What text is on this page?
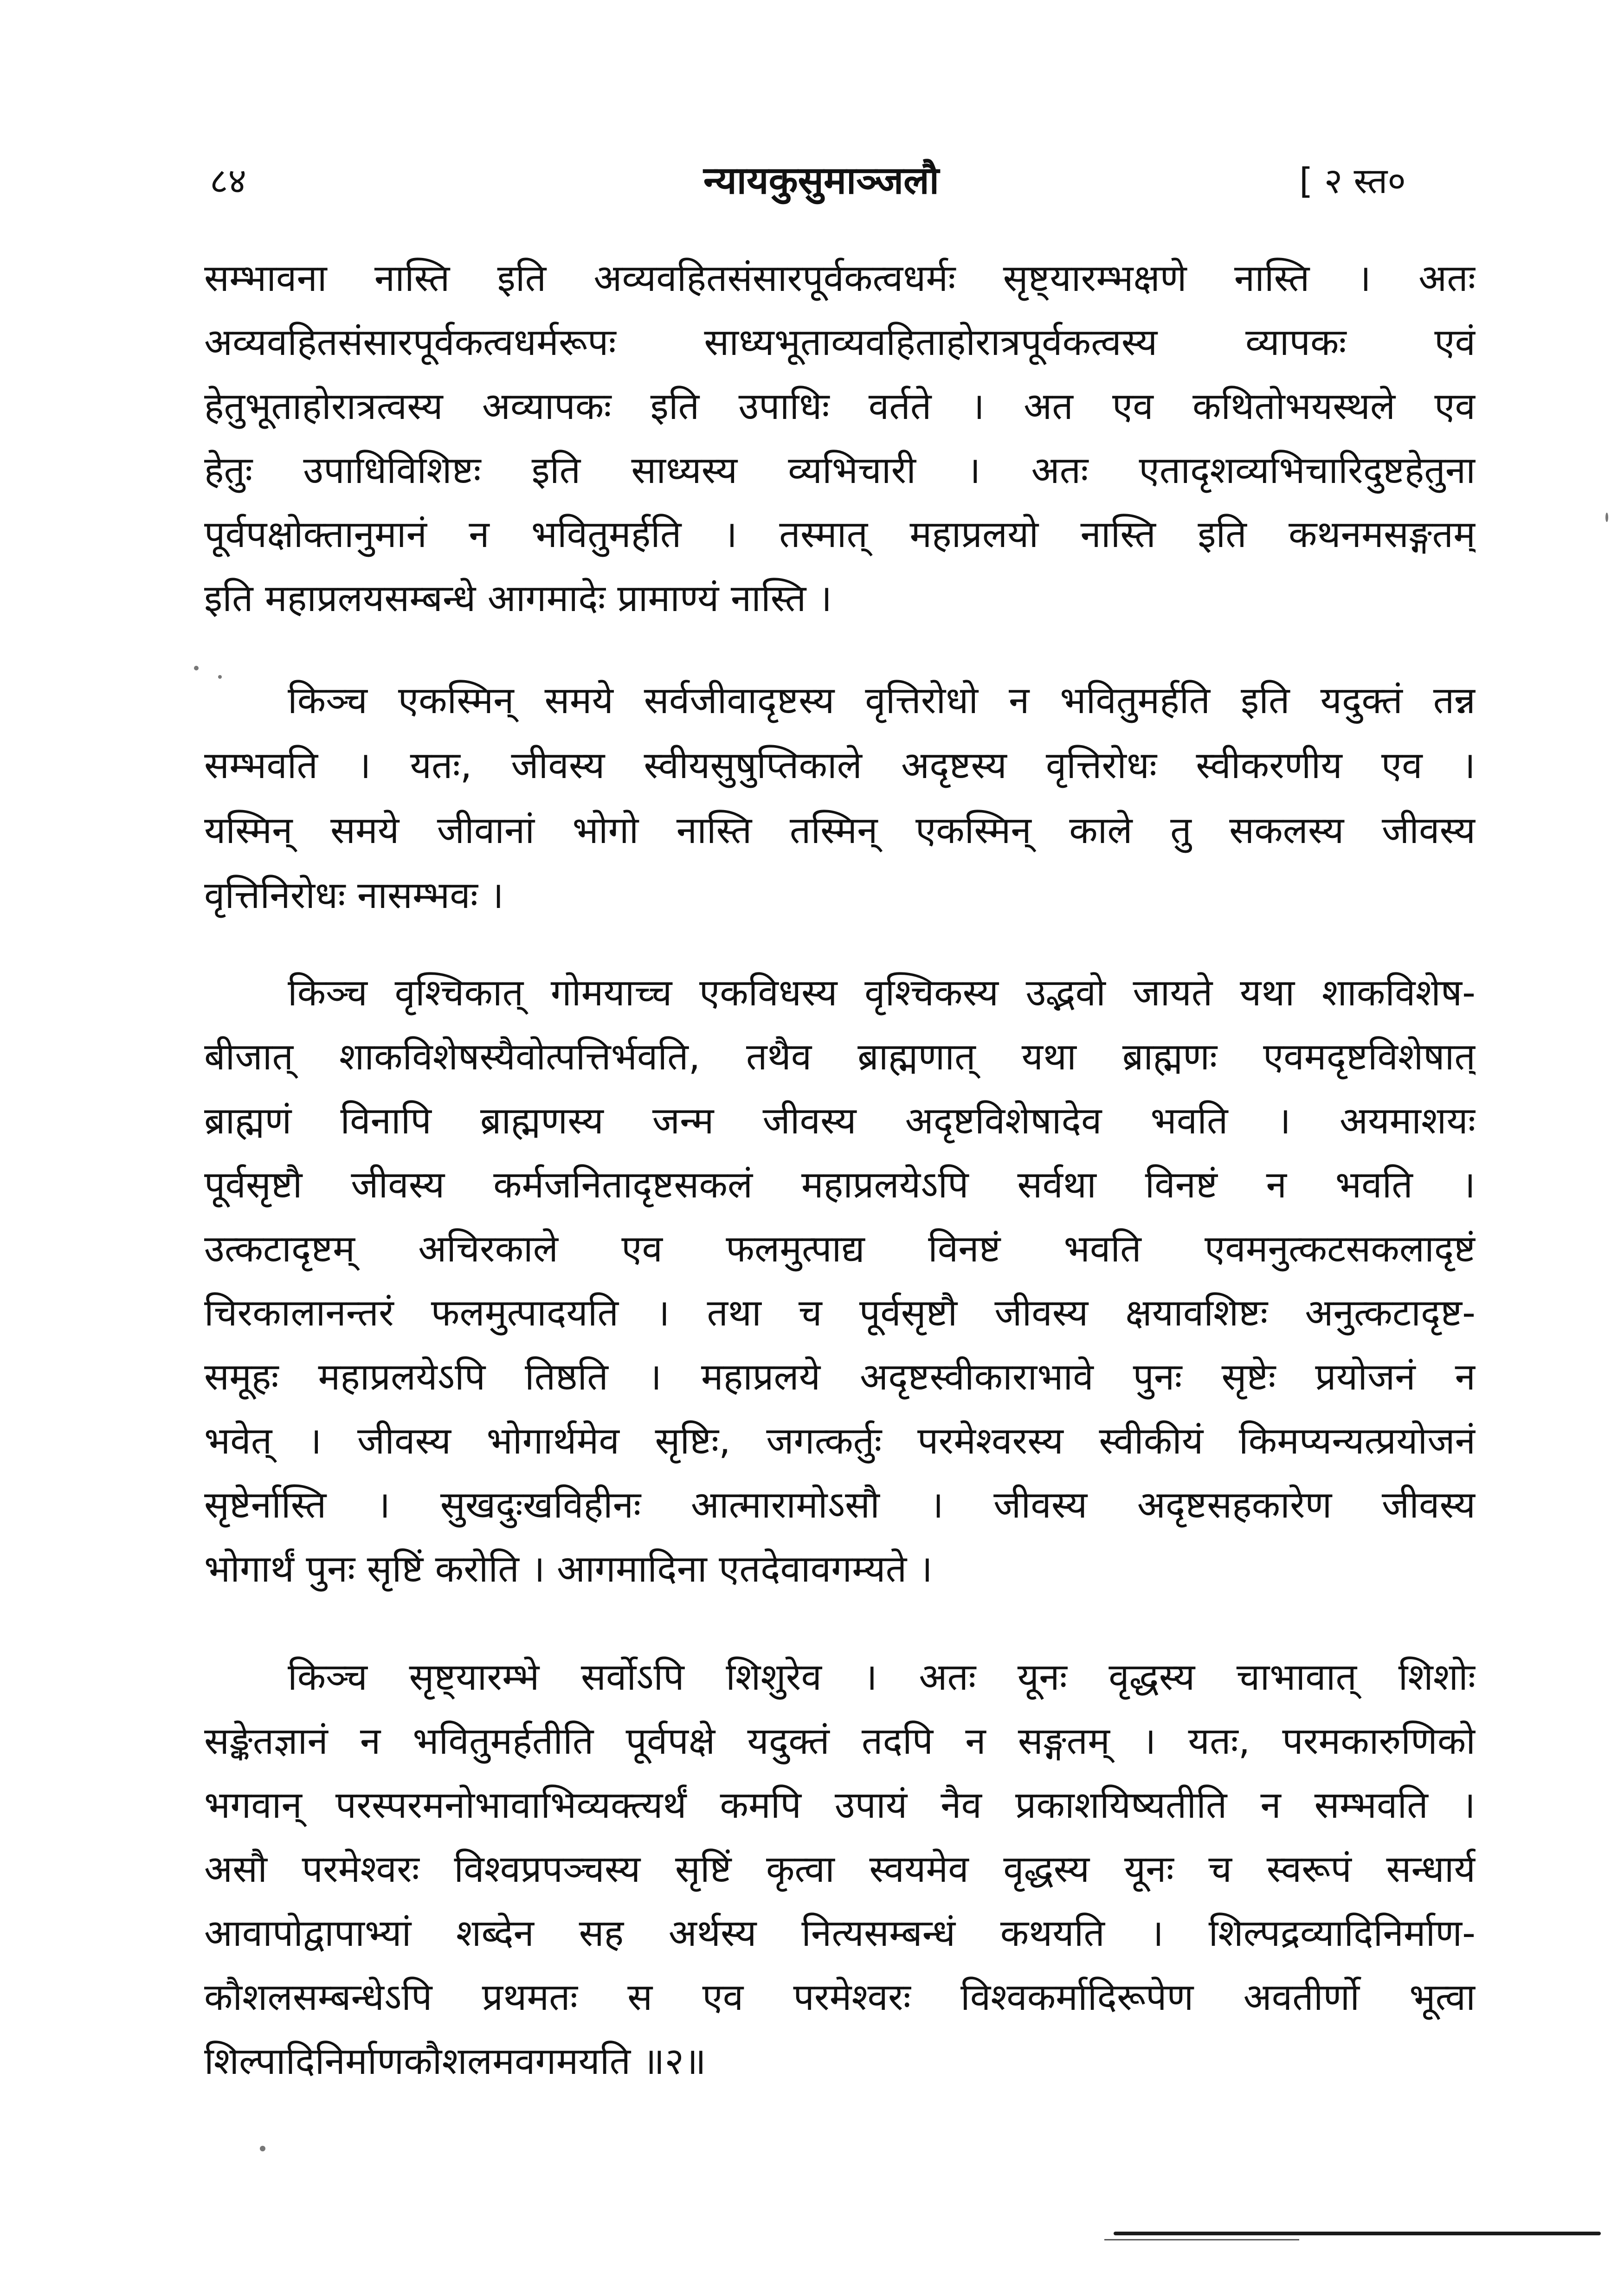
८४	न्यायकुसुमाञ्जलौ	[ २ स्त०
सम्भावना नास्ति इति अव्यवहितसंसारपूर्वकत्वधर्मः सृष्ट्यारम्भक्षणे नास्ति । अतः
अव्यवहितसंसारपूर्वकत्वधर्मरूपः साध्यभूताव्यवहिताहोरात्रपूर्वकत्वस्य व्यापकः एवं
हेतुभूताहोरात्रत्वस्य अव्यापकः इति उपाधिः वर्तते । अत एव कथितोभयस्थले एव
हेतुः उपाधिविशिष्टः इति साध्यस्य व्यभिचारी । अतः एतादृशव्यभिचारिदुष्टहेतुना
पूर्वपक्षोक्तानुमानं न भवितुमर्हति । तस्मात् महाप्रलयो नास्ति इति कथनमसङ्गतम्
इति महाप्रलयसम्बन्धे आगमादेः प्रामाण्यं नास्ति ।
किञ्च एकस्मिन् समये सर्वजीवादृष्टस्य वृत्तिरोधो न भवितुमर्हति इति यदुक्तं तन्न
सम्भवति । यतः, जीवस्य स्वीयसुषुप्तिकाले अदृष्टस्य वृत्तिरोधः स्वीकरणीय एव ।
यस्मिन् समये जीवानां भोगो नास्ति तस्मिन् एकस्मिन् काले तु सकलस्य जीवस्य
वृत्तिनिरोधः नासम्भवः ।
किञ्च वृश्चिकात् गोमयाच्च एकविधस्य वृश्चिकस्य उद्भवो जायते यथा शाकविशेष-
बीजात् शाकविशेषस्यैवोत्पत्तिर्भवति, तथैव ब्राह्मणात् यथा ब्राह्मणः एवमदृष्टविशेषात्
ब्राह्मणं विनापि ब्राह्मणस्य जन्म जीवस्य अदृष्टविशेषादेव भवति । अयमाशयः
पूर्वसृष्टौ जीवस्य कर्मजनितादृष्टसकलं महाप्रलयेऽपि सर्वथा विनष्टं न भवति ।
उत्कटादृष्टम् अचिरकाले एव फलमुत्पाद्य विनष्टं भवति एवमनुत्कटसकलादृष्टं
चिरकालानन्तरं फलमुत्पादयति । तथा च पूर्वसृष्टौ जीवस्य क्षयावशिष्टः अनुत्कटादृष्ट-
समूहः महाप्रलयेऽपि तिष्ठति । महाप्रलये अदृष्टस्वीकाराभावे पुनः सृष्टेः प्रयोजनं न
भवेत् । जीवस्य भोगार्थमेव सृष्टिः, जगत्कर्तुः परमेश्वरस्य स्वीकीयं किमप्यन्यत्प्रयोजनं
सृष्टेर्नास्ति । सुखदुःखविहीनः आत्मारामोऽसौ । जीवस्य अदृष्टसहकारेण जीवस्य
भोगार्थं पुनः सृष्टिं करोति । आगमादिना एतदेवावगम्यते ।
किञ्च सृष्ट्यारम्भे सर्वोऽपि शिशुरेव । अतः यूनः वृद्धस्य चाभावात् शिशोः
सङ्केतज्ञानं न भवितुमर्हतीति पूर्वपक्षे यदुक्तं तदपि न सङ्गतम् । यतः, परमकारुणिको
भगवान् परस्परमनोभावाभिव्यक्त्यर्थं कमपि उपायं नैव प्रकाशयिष्यतीति न सम्भवति ।
असौ परमेश्वरः विश्वप्रपञ्चस्य सृष्टिं कृत्वा स्वयमेव वृद्धस्य यूनः च स्वरूपं सन्धार्य
आवापोद्वापाभ्यां शब्देन सह अर्थस्य नित्यसम्बन्धं कथयति । शिल्पद्रव्यादिनिर्माण-
कौशलसम्बन्धेऽपि प्रथमतः स एव परमेश्वरः विश्वकर्मादिरूपेण अवतीर्णो भूत्वा
शिल्पादिनिर्माणकौशलमवगमयति ॥२॥
